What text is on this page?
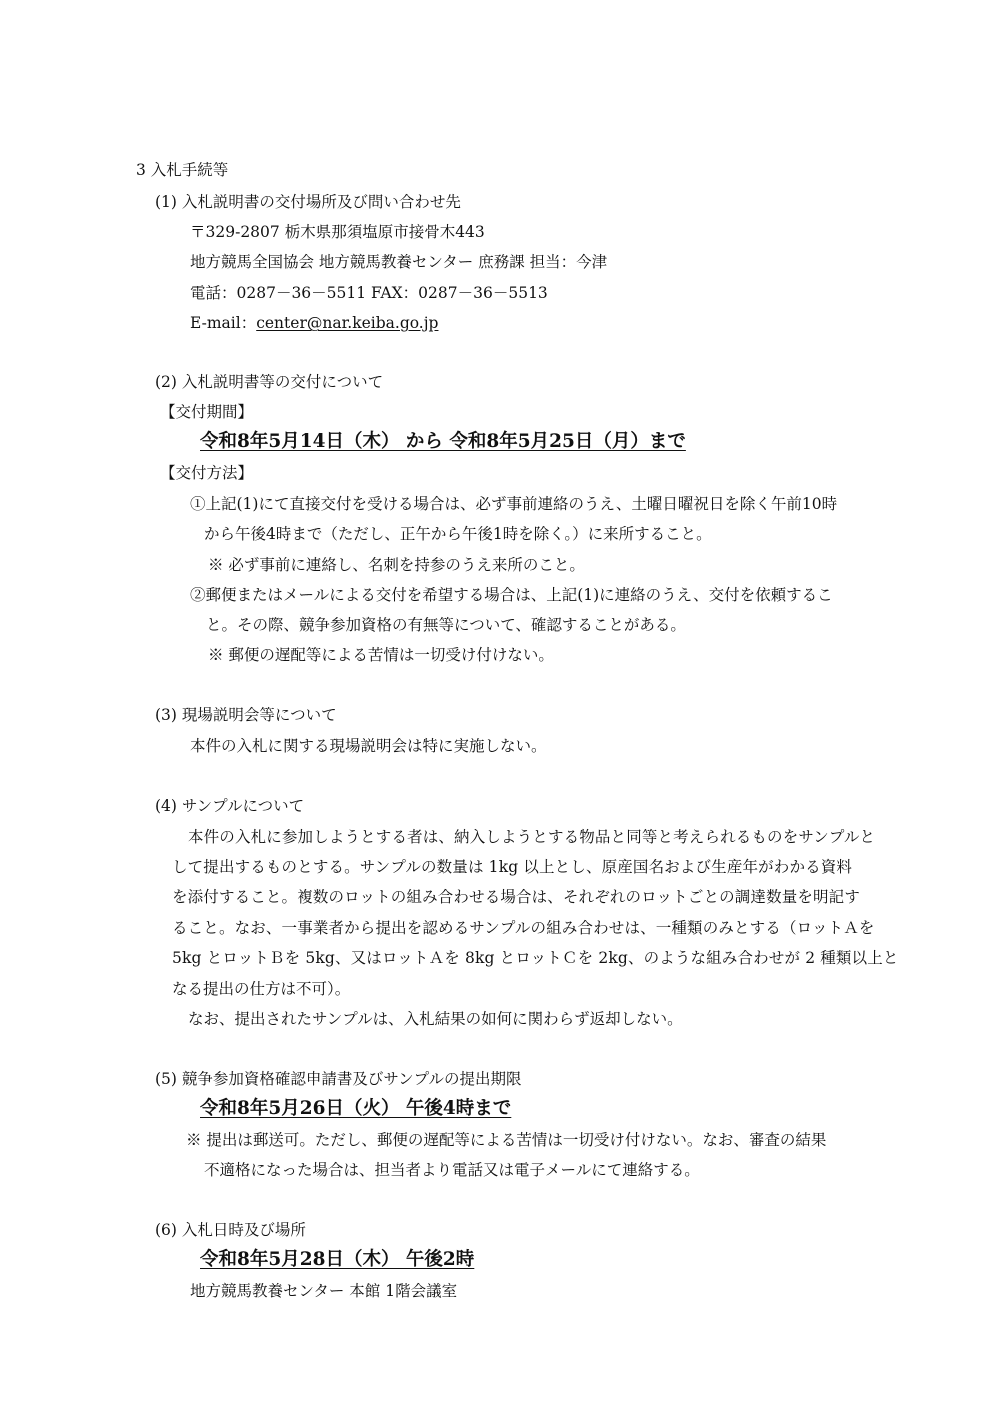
3 入札手続等
(1) 入札説明書の交付場所及び問い合わせ先
〒329-2807 栃木県那須塩原市接骨木443
地方競馬全国協会 地方競馬教養センター 庶務課 担当：今津
電話：0287－36－5511 FAX：0287－36－5513
E-mail：center@nar.keiba.go.jp
(2) 入札説明書等の交付について
【交付期間】
令和8年5月14日（木） から 令和8年5月25日（月）まで
【交付方法】
①上記(1)にて直接交付を受ける場合は、必ず事前連絡のうえ、土曜日曜祝日を除く午前10時
から午後4時まで（ただし、正午から午後1時を除く。）に来所すること。
※ 必ず事前に連絡し、名刺を持参のうえ来所のこと。
②郵便またはメールによる交付を希望する場合は、上記(1)に連絡のうえ、交付を依頼するこ
と。その際、競争参加資格の有無等について、確認することがある。
※ 郵便の遅配等による苦情は一切受け付けない。
(3) 現場説明会等について
本件の入札に関する現場説明会は特に実施しない。
(4) サンプルについて
本件の入札に参加しようとする者は、納入しようとする物品と同等と考えられるものをサンプルと
して提出するものとする。サンプルの数量は 1kg 以上とし、原産国名および生産年がわかる資料
を添付すること。複数のロットの組み合わせる場合は、それぞれのロットごとの調達数量を明記す
ること。なお、一事業者から提出を認めるサンプルの組み合わせは、一種類のみとする（ロットＡを
5kg とロットＢを 5kg、又はロットＡを 8kg とロットＣを 2kg、のような組み合わせが 2 種類以上と
なる提出の仕方は不可）。
なお、提出されたサンプルは、入札結果の如何に関わらず返却しない。
(5) 競争参加資格確認申請書及びサンプルの提出期限
令和8年5月26日（火） 午後4時まで
※ 提出は郵送可。ただし、郵便の遅配等による苦情は一切受け付けない。なお、審査の結果
不適格になった場合は、担当者より電話又は電子メールにて連絡する。
(6) 入札日時及び場所
令和8年5月28日（木） 午後2時
地方競馬教養センター 本館 1階会議室
